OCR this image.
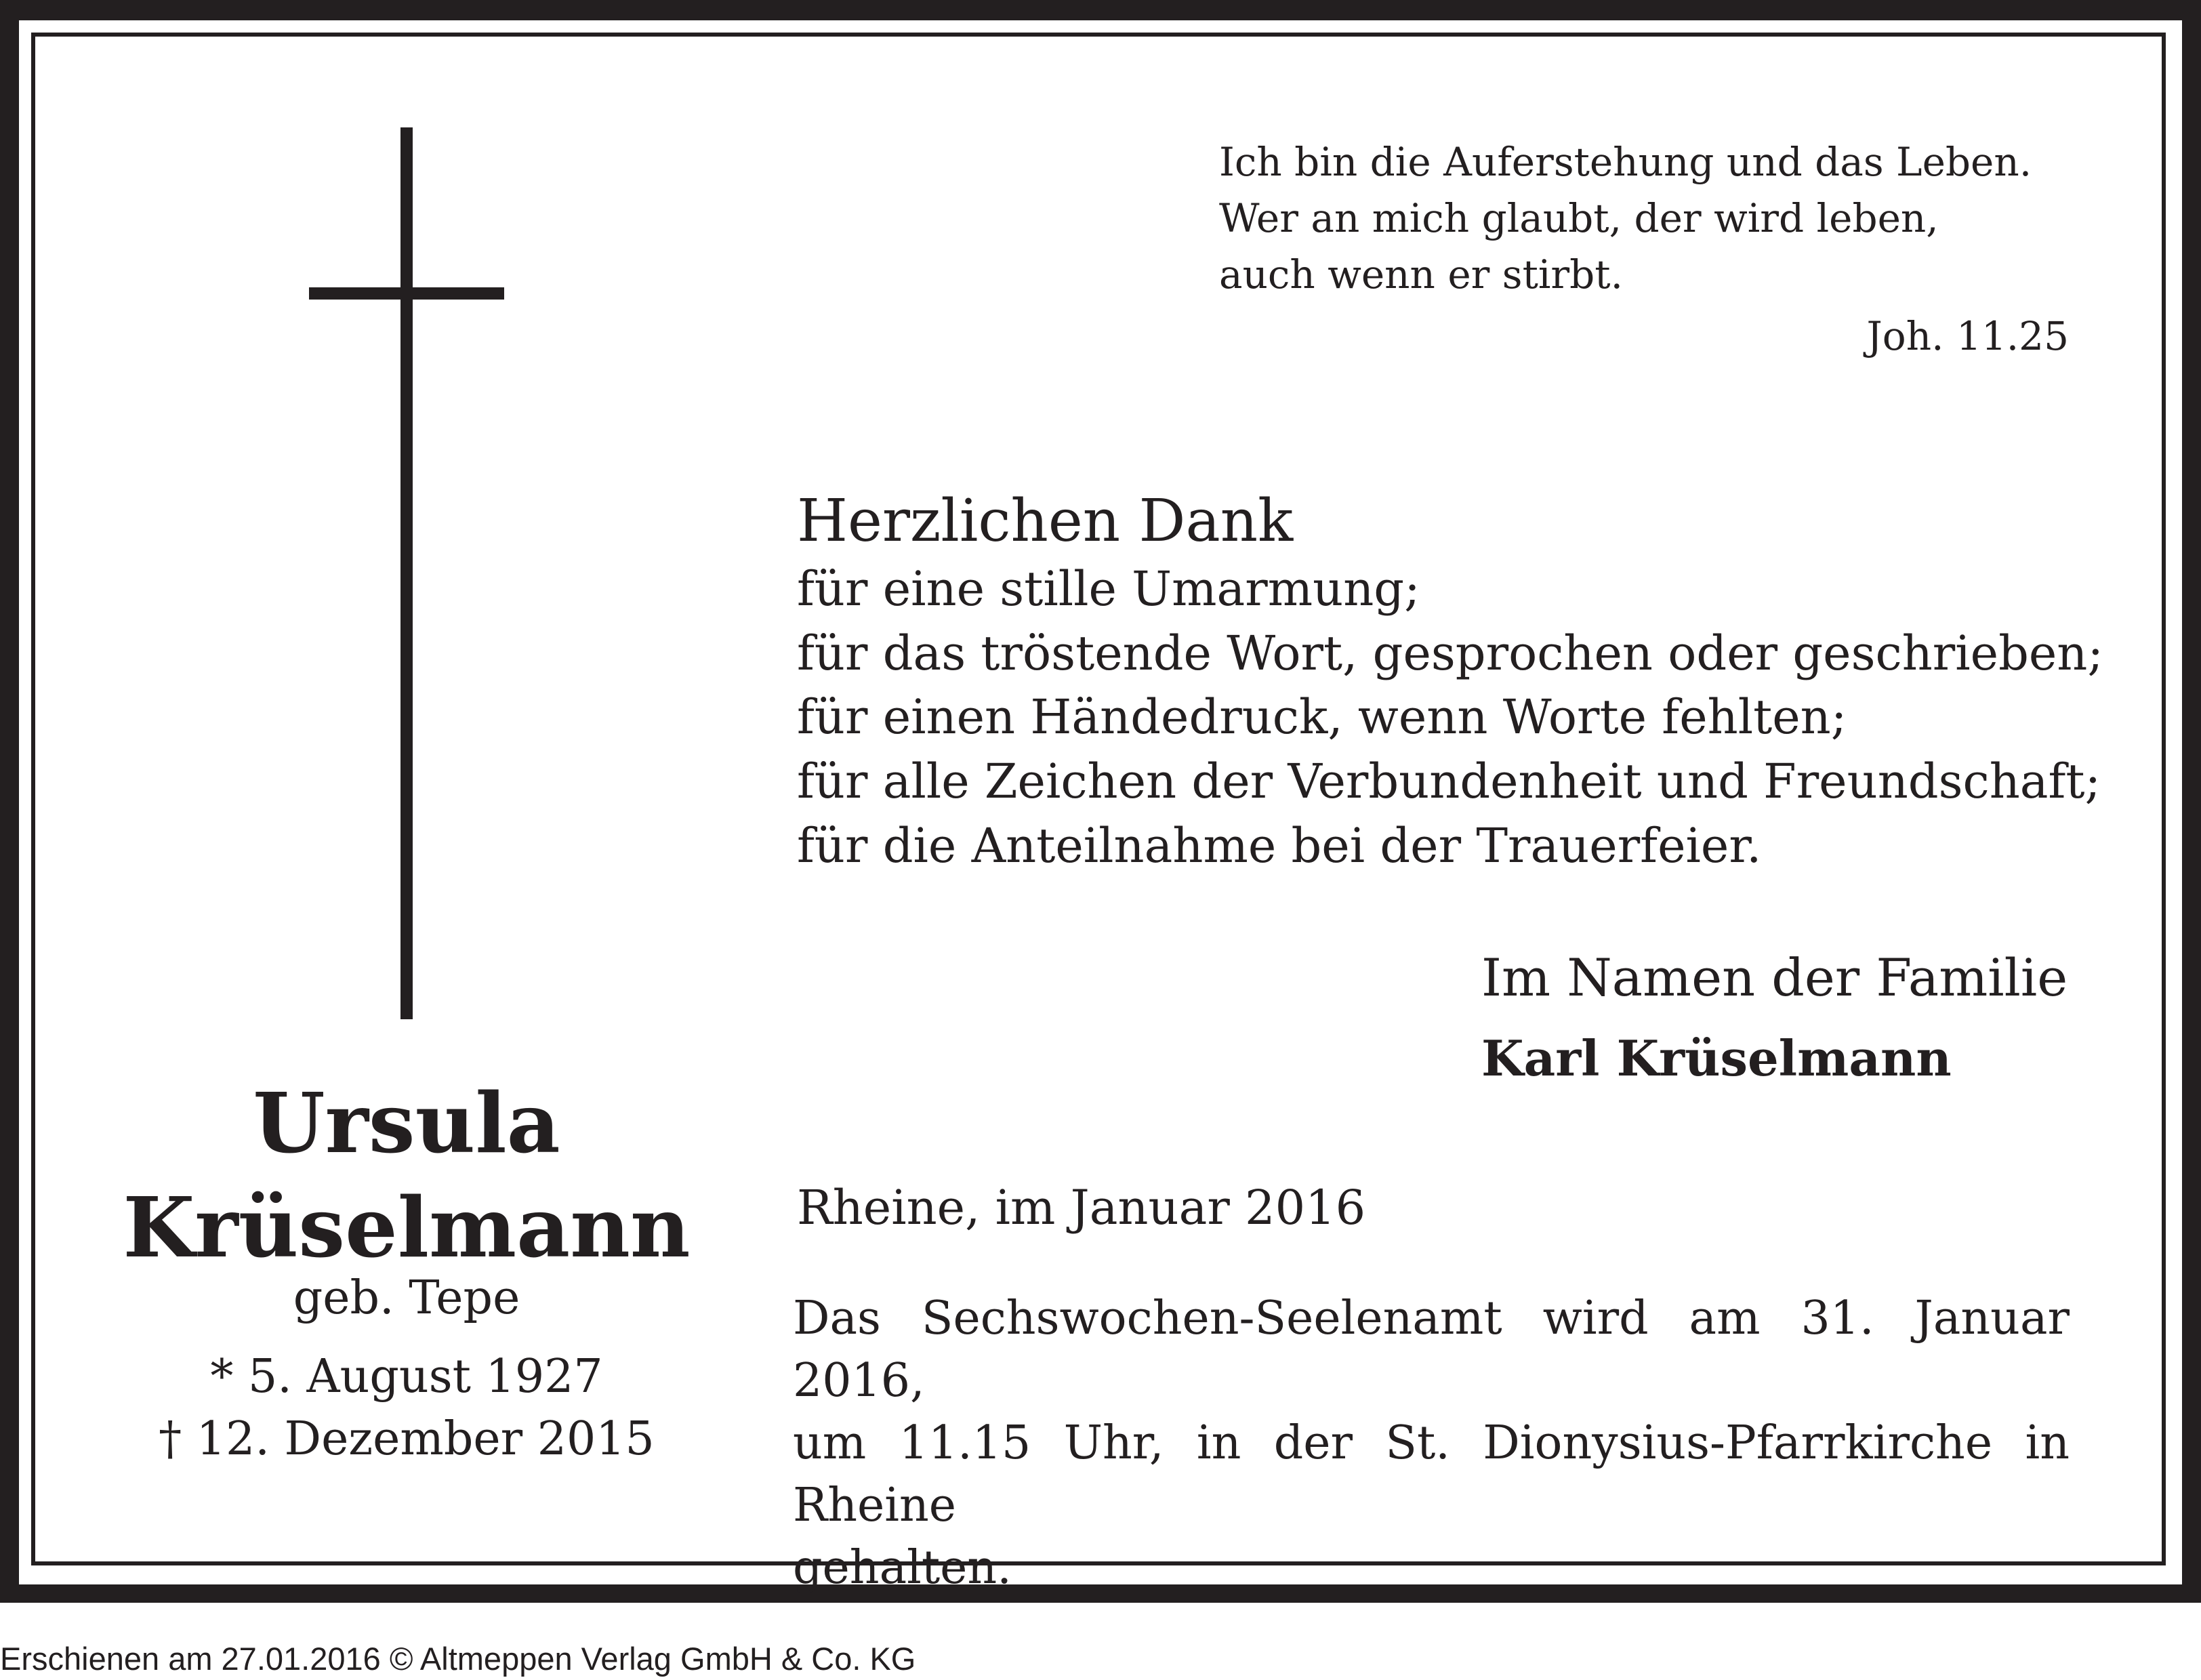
Ich bin die Auferstehung und das Leben.
Wer an mich glaubt, der wird leben,
auch wenn er stirbt.
Joh. 11.25
Herzlichen Dank
für eine stille Umarmung;
für das tröstende Wort, gesprochen oder geschrieben;
für einen Händedruck, wenn Worte fehlten;
für alle Zeichen der Verbundenheit und Freundschaft;
für die Anteilnahme bei der Trauerfeier.
Im Namen der Familie
Karl Krüselmann
Rheine, im Januar 2016
Das Sechswochen-Seelenamt wird am 31. Januar 2016,
um 11.15 Uhr, in der St. Dionysius-Pfarrkirche in Rheine
gehalten.
Ursula
Krüselmann
geb. Tepe
* 5. August 1927
† 12. Dezember 2015
Erschienen am 27.01.2016 © Altmeppen Verlag GmbH & Co. KG
